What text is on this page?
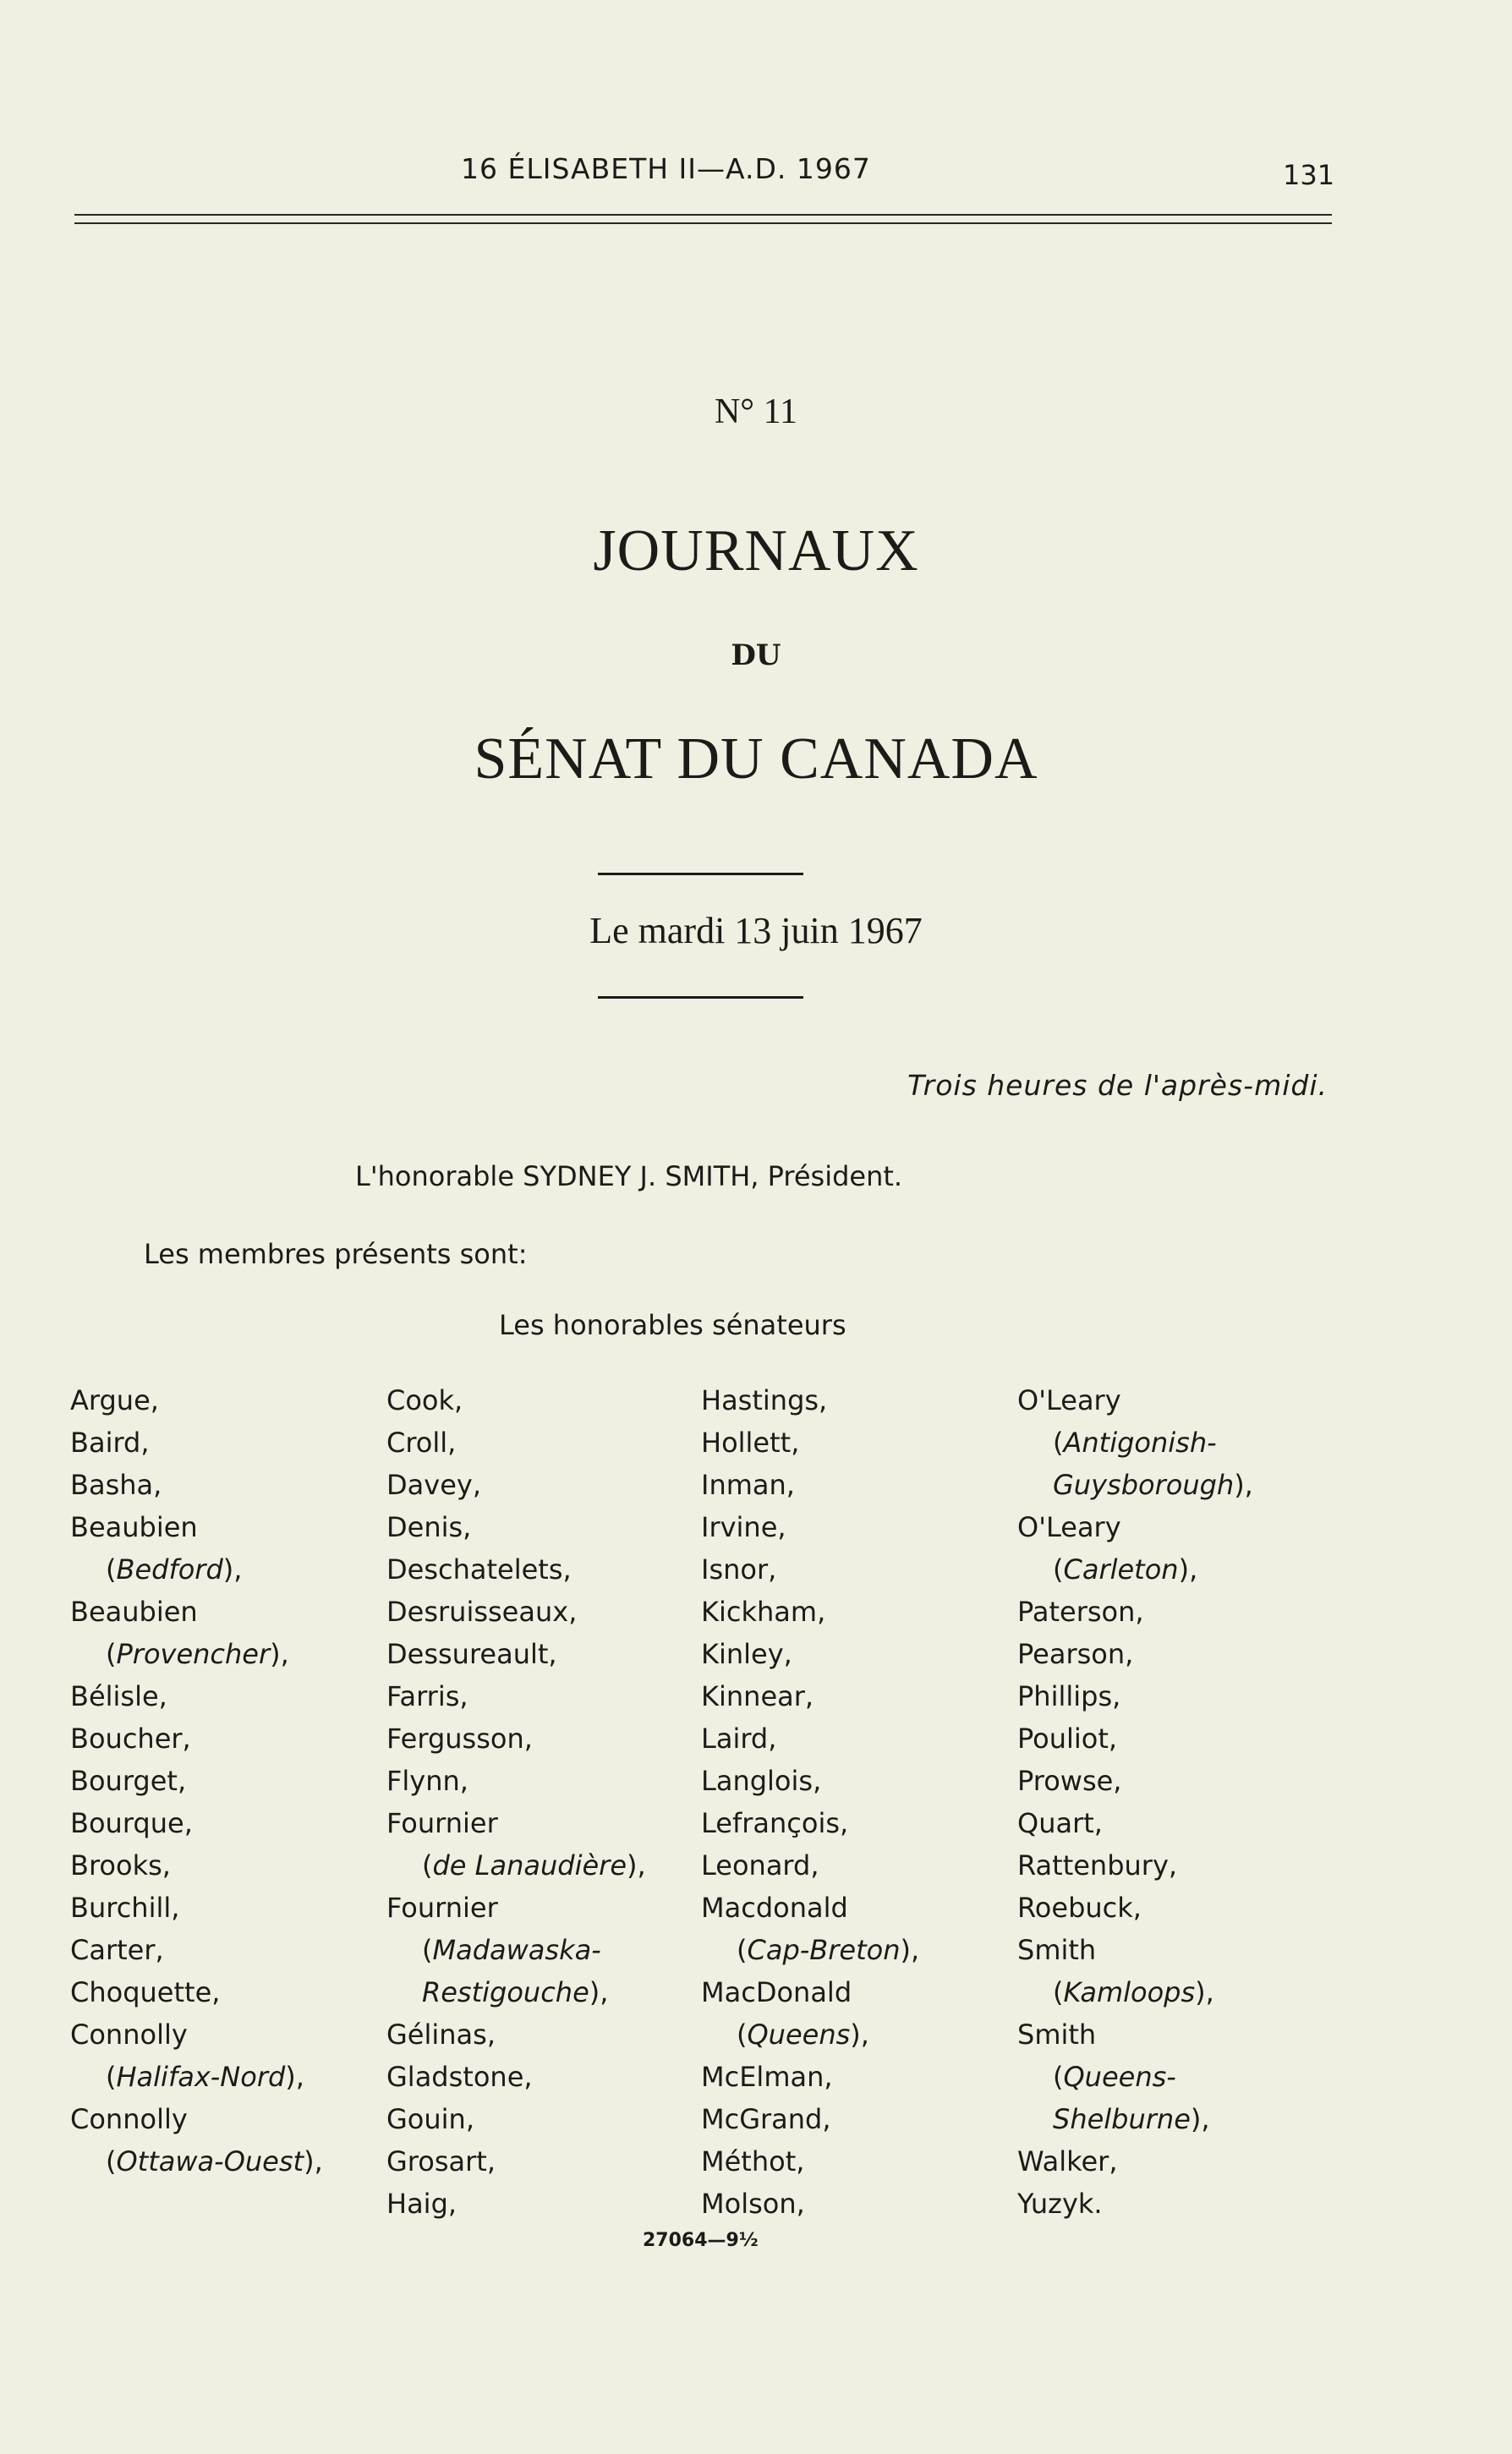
16 ÉLISABETH II—A.D. 1967	131
N° 11
JOURNAUX
DU
SÉNAT DU CANADA
Le mardi 13 juin 1967
Trois heures de l'après-midi.
L'honorable SYDNEY J. SMITH, Président.
Les membres présents sont:
Les honorables sénateurs
Argue,
Baird,
Basha,
Beaubien
(Bedford),
Beaubien
(Provencher),
Bélisle,
Boucher,
Bourget,
Bourque,
Brooks,
Burchill,
Carter,
Choquette,
Connolly
(Halifax-Nord),
Connolly
(Ottawa-Ouest),
Cook,
Croll,
Davey,
Denis,
Deschatelets,
Desruisseaux,
Dessureault,
Farris,
Fergusson,
Flynn,
Fournier
(de Lanaudière),
Fournier
(Madawaska-
Restigouche),
Gélinas,
Gladstone,
Gouin,
Grosart,
Haig,
Hastings,
Hollett,
Inman,
Irvine,
Isnor,
Kickham,
Kinley,
Kinnear,
Laird,
Langlois,
Lefrançois,
Leonard,
Macdonald
(Cap-Breton),
MacDonald
(Queens),
McElman,
McGrand,
Méthot,
Molson,
O'Leary
(Antigonish-
Guysborough),
O'Leary
(Carleton),
Paterson,
Pearson,
Phillips,
Pouliot,
Prowse,
Quart,
Rattenbury,
Roebuck,
Smith
(Kamloops),
Smith
(Queens-
Shelburne),
Walker,
Yuzyk.
27064—9½
